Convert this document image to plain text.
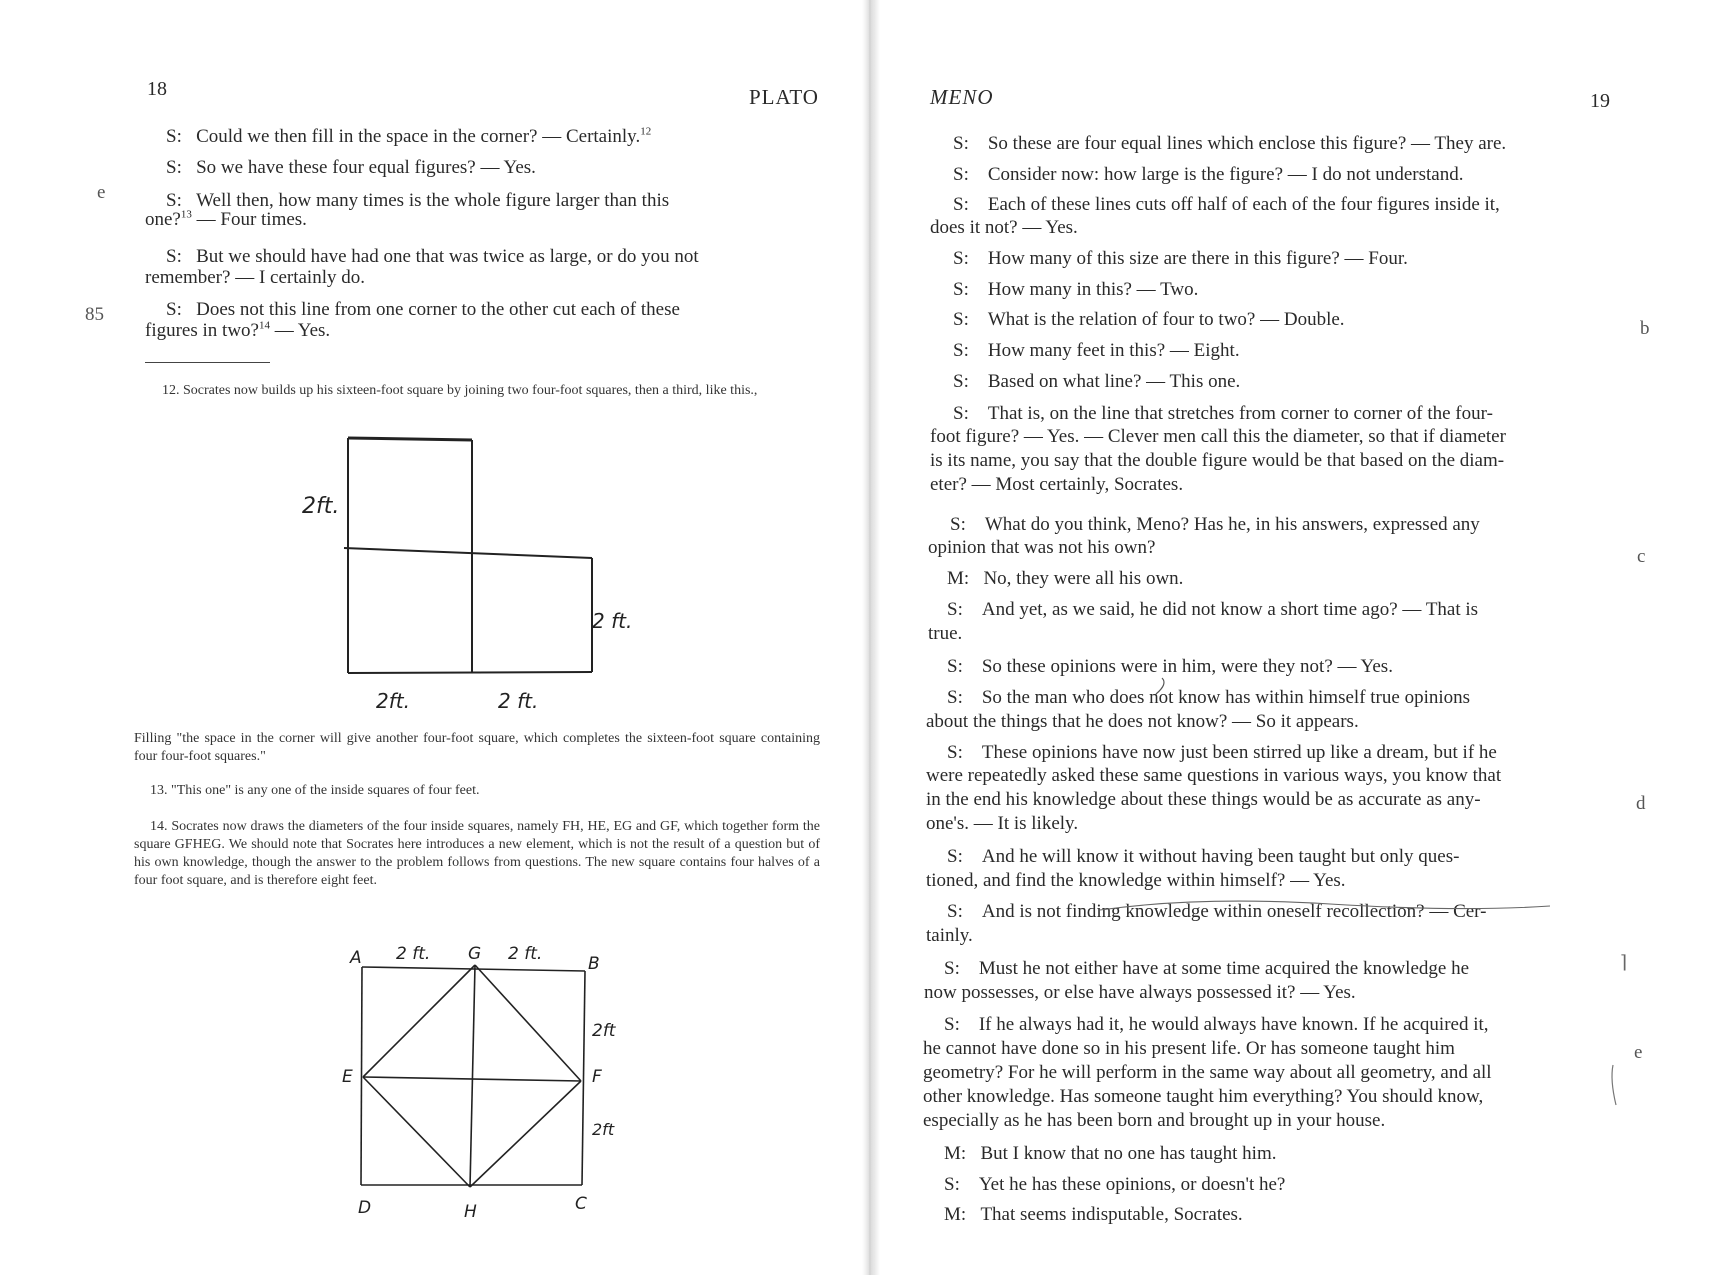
18	PLATO
e
85
S: Could we then fill in the space in the corner? — Certainly.$^{12}$
S: So we have these four equal figures? — Yes.
S: Well then, how many times is the whole figure larger than this
one?$^{13}$ — Four times.
S: But we should have had one that was twice as large, or do you not
remember? — I certainly do.
S: Does not this line from one corner to the other cut each of these
figures in two?$^{14}$ — Yes.
12. Socrates now builds up his sixteen-foot square by joining two four-foot squares, then a third, like this.,
2ft.
2 ft.
2ft.	2 ft.
Filling "the space in the corner will give another four-foot square, which completes the sixteen-foot square containing four four-foot squares."
13. "This one" is any one of the inside squares of four feet.
14. Socrates now draws the diameters of the four inside squares, namely FH, HE, EG and GF, which together form the square GFHEG. We should note that Socrates here introduces a new element, which is not the result of a question but of his own knowledge, though the answer to the problem follows from questions. The new square contains four halves of a four foot square, and is therefore eight feet.
A 2 ft. G 2 ft.	B
2ft
E	F
2ft
D	H	C
MENO	19
b
c
d
e
⌉
S: So these are four equal lines which enclose this figure? — They are.
S: Consider now: how large is the figure? — I do not understand.
S: Each of these lines cuts off half of each of the four figures inside it,
does it not? — Yes.
S: How many of this size are there in this figure? — Four.
S: How many in this? — Two.
S: What is the relation of four to two? — Double.
S: How many feet in this? — Eight.
S: Based on what line? — This one.
S: That is, on the line that stretches from corner to corner of the four-
foot figure? — Yes. — Clever men call this the diameter, so that if diameter
is its name, you say that the double figure would be that based on the diam-
eter? — Most certainly, Socrates.
S: What do you think, Meno? Has he, in his answers, expressed any
opinion that was not his own?
M: No, they were all his own.
S: And yet, as we said, he did not know a short time ago? — That is
true.
S: So these opinions were in him, were they not? — Yes.
S: So the man who does not know has within himself true opinions
about the things that he does not know? — So it appears.
S: These opinions have now just been stirred up like a dream, but if he
were repeatedly asked these same questions in various ways, you know that
in the end his knowledge about these things would be as accurate as any-
one's. — It is likely.
S: And he will know it without having been taught but only ques-
tioned, and find the knowledge within himself? — Yes.
S: And is not finding knowledge within oneself recollection? — Cer-
tainly.
S: Must he not either have at some time acquired the knowledge he
now possesses, or else have always possessed it? — Yes.
S: If he always had it, he would always have known. If he acquired it,
he cannot have done so in his present life. Or has someone taught him
geometry? For he will perform in the same way about all geometry, and all
other knowledge. Has someone taught him everything? You should know,
especially as he has been born and brought up in your house.
M: But I know that no one has taught him.
S: Yet he has these opinions, or doesn't he?
M: That seems indisputable, Socrates.
